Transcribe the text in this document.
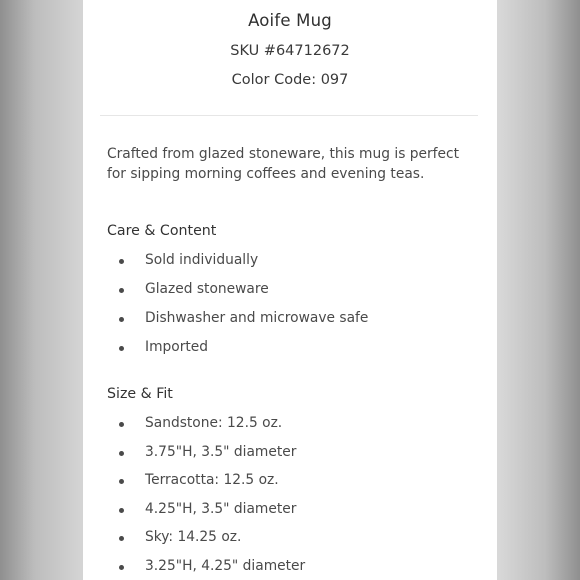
Aoife Mug
SKU #64712672
Color Code: 097
Crafted from glazed stoneware, this mug is perfect for sipping morning coffees and evening teas.
Care & Content
Sold individually
Glazed stoneware
Dishwasher and microwave safe
Imported
Size & Fit
Sandstone: 12.5 oz.
3.75"H, 3.5" diameter
Terracotta: 12.5 oz.
4.25"H, 3.5" diameter
Sky: 14.25 oz.
3.25"H, 4.25" diameter
